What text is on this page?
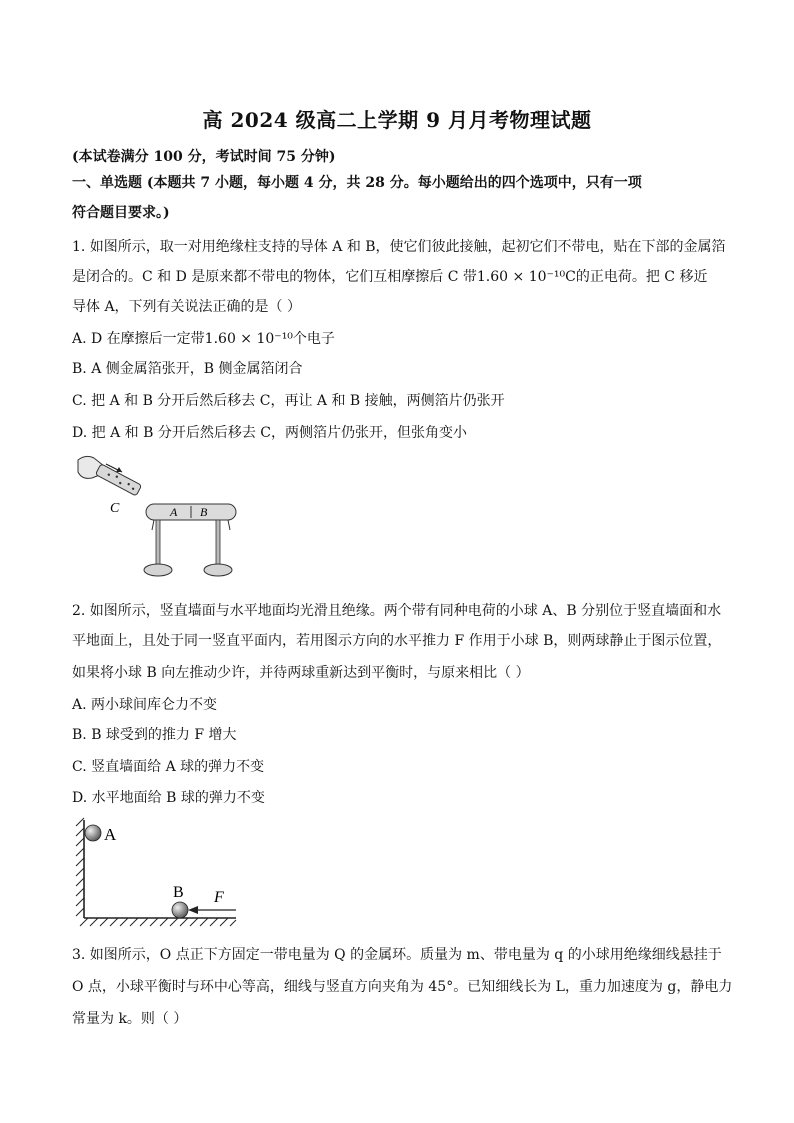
高 2024 级高二上学期 9 月月考物理试题
(本试卷满分 100 分，考试时间 75 分钟)
一、单选题 (本题共 7 小题，每小题 4 分，共 28 分。每小题给出的四个选项中，只有一项
符合题目要求。)
1. 如图所示，取一对用绝缘柱支持的导体 A 和 B，使它们彼此接触，起初它们不带电，贴在下部的金属箔
是闭合的。C 和 D 是原来都不带电的物体，它们互相摩擦后 C 带1.60 × 10⁻¹⁰C的正电荷。把 C 移近
导体 A，下列有关说法正确的是（ ）
A. D 在摩擦后一定带1.60 × 10⁻¹⁰个电子
B. A 侧金属箔张开，B 侧金属箔闭合
C. 把 A 和 B 分开后然后移去 C，再让 A 和 B 接触，两侧箔片仍张开
D. 把 A 和 B 分开后然后移去 C，两侧箔片仍张开，但张角变小
A B
C
2. 如图所示，竖直墙面与水平地面均光滑且绝缘。两个带有同种电荷的小球 A、B 分别位于竖直墙面和水
平地面上，且处于同一竖直平面内，若用图示方向的水平推力 F 作用于小球 B，则两球静止于图示位置，
如果将小球 B 向左推动少许，并待两球重新达到平衡时，与原来相比（ ）
A. 两小球间库仑力不变
B. B 球受到的推力 F 增大
C. 竖直墙面给 A 球的弹力不变
D. 水平地面给 B 球的弹力不变
A
B F
3. 如图所示，O 点正下方固定一带电量为 Q 的金属环。质量为 m、带电量为 q 的小球用绝缘细线悬挂于
O 点，小球平衡时与环中心等高，细线与竖直方向夹角为 45°。已知细线长为 L，重力加速度为 g，静电力
常量为 k。则（ ）
